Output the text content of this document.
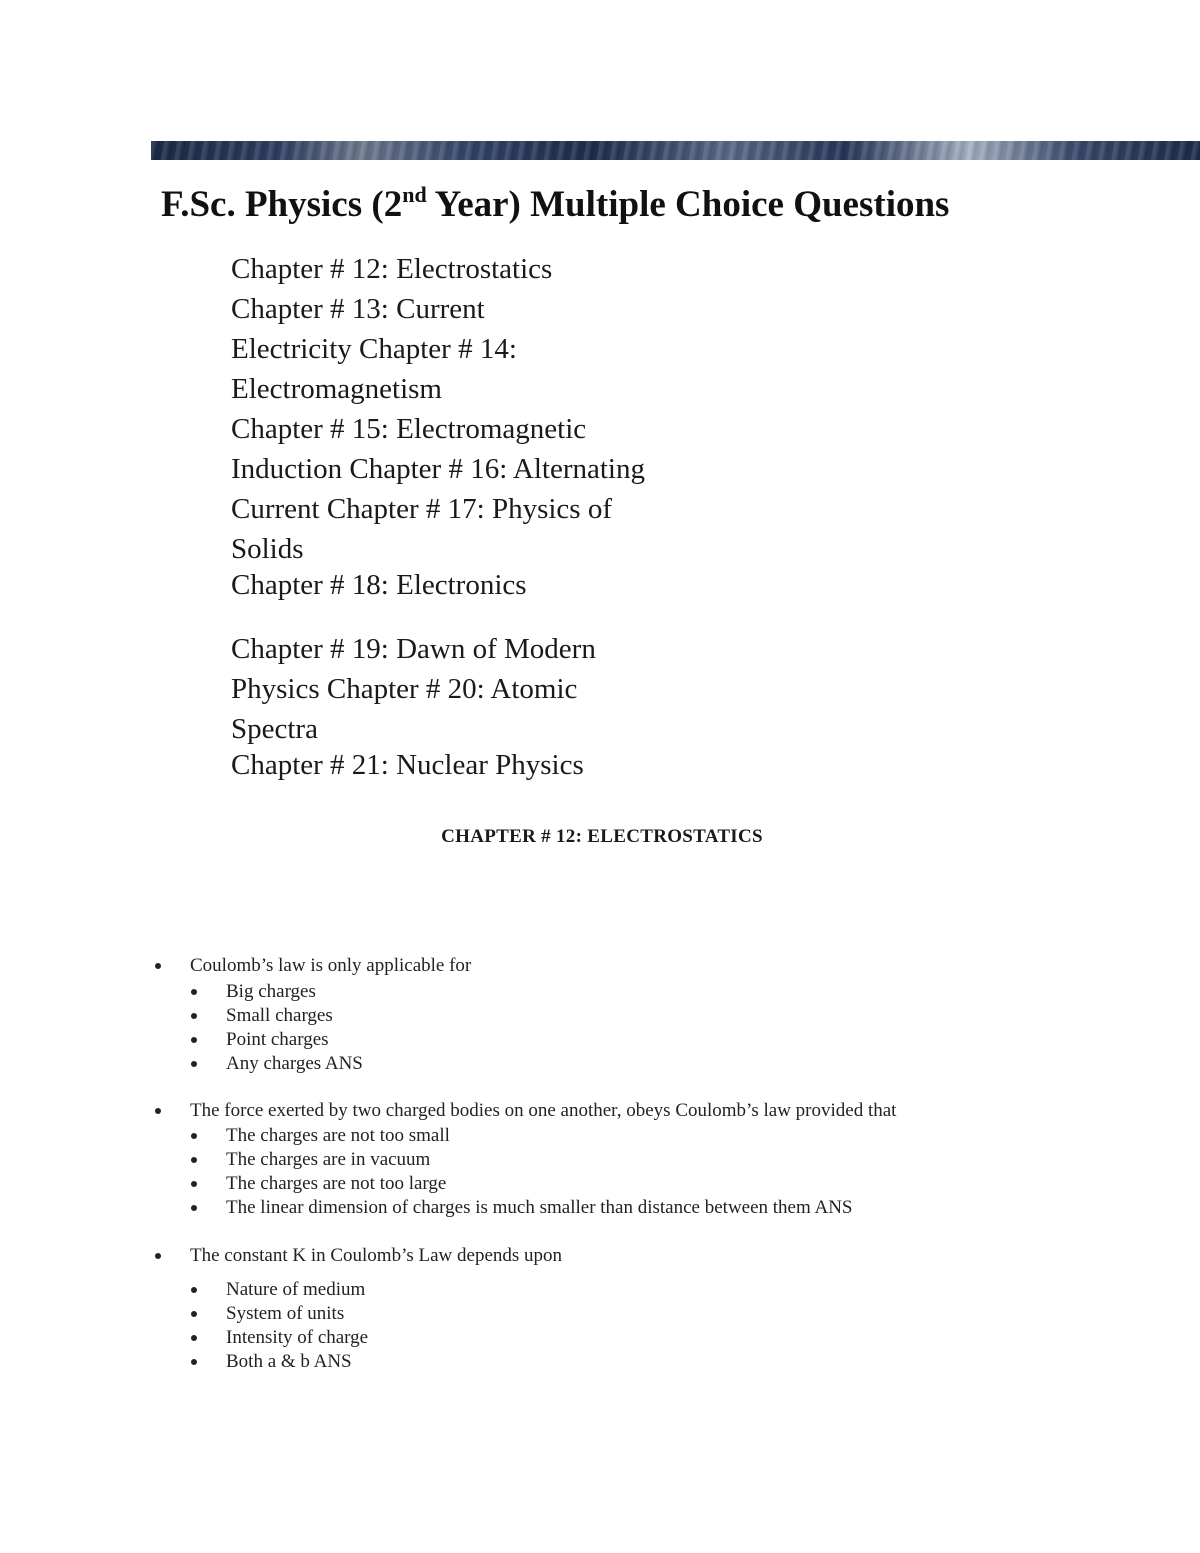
F.Sc. Physics (2nd Year) Multiple Choice Questions
Chapter # 12: Electrostatics
Chapter # 13: Current
Electricity Chapter # 14:
Electromagnetism
Chapter # 15: Electromagnetic
Induction Chapter # 16: Alternating
Current Chapter # 17: Physics of
Solids
Chapter # 18: Electronics
Chapter # 19: Dawn of Modern
Physics Chapter # 20: Atomic
Spectra
Chapter # 21: Nuclear Physics
CHAPTER # 12: ELECTROSTATICS
Coulomb’s law is only applicable for
Big charges
Small charges
Point charges
Any charges ANS
The force exerted by two charged bodies on one another, obeys Coulomb’s law provided that
The charges are not too small
The charges are in vacuum
The charges are not too large
The linear dimension of charges is much smaller than distance between them ANS
The constant K in Coulomb’s Law depends upon
Nature of medium
System of units
Intensity of charge
Both a & b ANS
